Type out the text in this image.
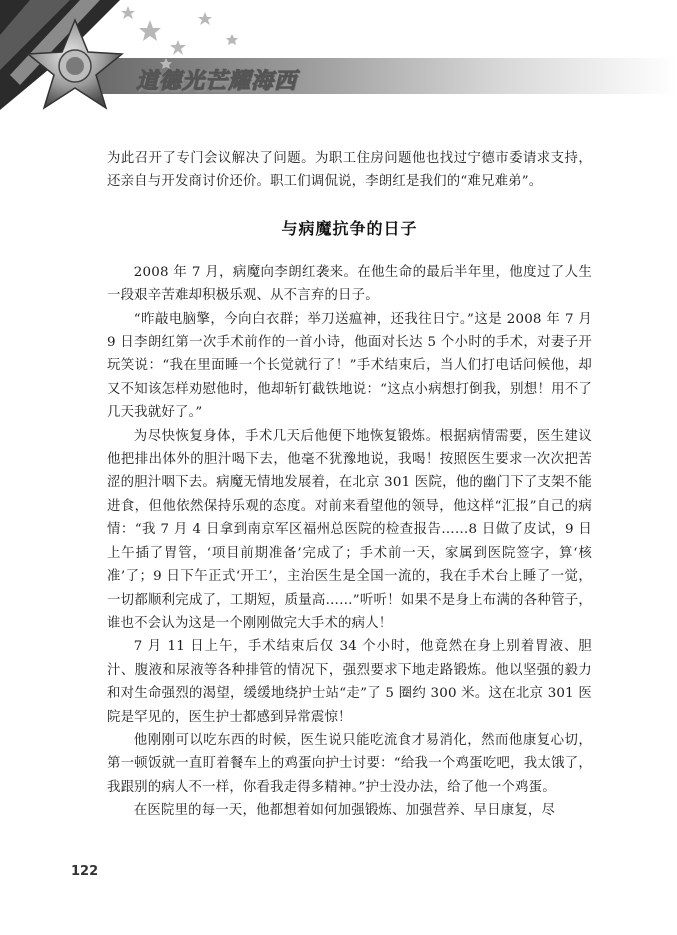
道德光芒耀海西

为此召开了专门会议解决了问题。为职工住房问题他也找过宁德市委请求支持，还亲自与开发商讨价还价。职工们调侃说，李朗红是我们的“难兄难弟”。

与病魔抗争的日子

2008 年 7 月，病魔向李朗红袭来。在他生命的最后半年里，他度过了人生一段艰辛苦难却积极乐观、从不言弃的日子。

“昨敲电脑擎，今向白衣群；举刀送瘟神，还我往日宁。”这是 2008 年 7 月 9 日李朗红第一次手术前作的一首小诗，他面对长达 5 个小时的手术，对妻子开玩笑说：“我在里面睡一个长觉就行了！”手术结束后，当人们打电话问候他，却又不知该怎样劝慰他时，他却斩钉截铁地说：“这点小病想打倒我，别想！用不了几天我就好了。”

为尽快恢复身体，手术几天后他便下地恢复锻炼。根据病情需要，医生建议他把排出体外的胆汁喝下去，他毫不犹豫地说，我喝！按照医生要求一次次把苦涩的胆汁咽下去。病魔无情地发展着，在北京 301 医院，他的幽门下了支架不能进食，但他依然保持乐观的态度。对前来看望他的领导，他这样“汇报”自己的病情：“我 7 月 4 日拿到南京军区福州总医院的检查报告……8 日做了皮试，9 日上午插了胃管，‘项目前期准备’完成了；手术前一天，家属到医院签字，算‘核准’了；9 日下午正式‘开工’，主治医生是全国一流的，我在手术台上睡了一觉，一切都顺利完成了，工期短，质量高……”听听！如果不是身上布满的各种管子，谁也不会认为这是一个刚刚做完大手术的病人！

7 月 11 日上午，手术结束后仅 34 个小时，他竟然在身上别着胃液、胆汁、腹液和尿液等各种排管的情况下，强烈要求下地走路锻炼。他以坚强的毅力和对生命强烈的渴望，缓缓地绕护士站“走”了 5 圈约 300 米。这在北京 301 医院是罕见的，医生护士都感到异常震惊！

他刚刚可以吃东西的时候，医生说只能吃流食才易消化，然而他康复心切，第一顿饭就一直盯着餐车上的鸡蛋向护士讨要：“给我一个鸡蛋吃吧，我太饿了，我跟别的病人不一样，你看我走得多精神。”护士没办法，给了他一个鸡蛋。

在医院里的每一天，他都想着如何加强锻炼、加强营养、早日康复，尽

122
